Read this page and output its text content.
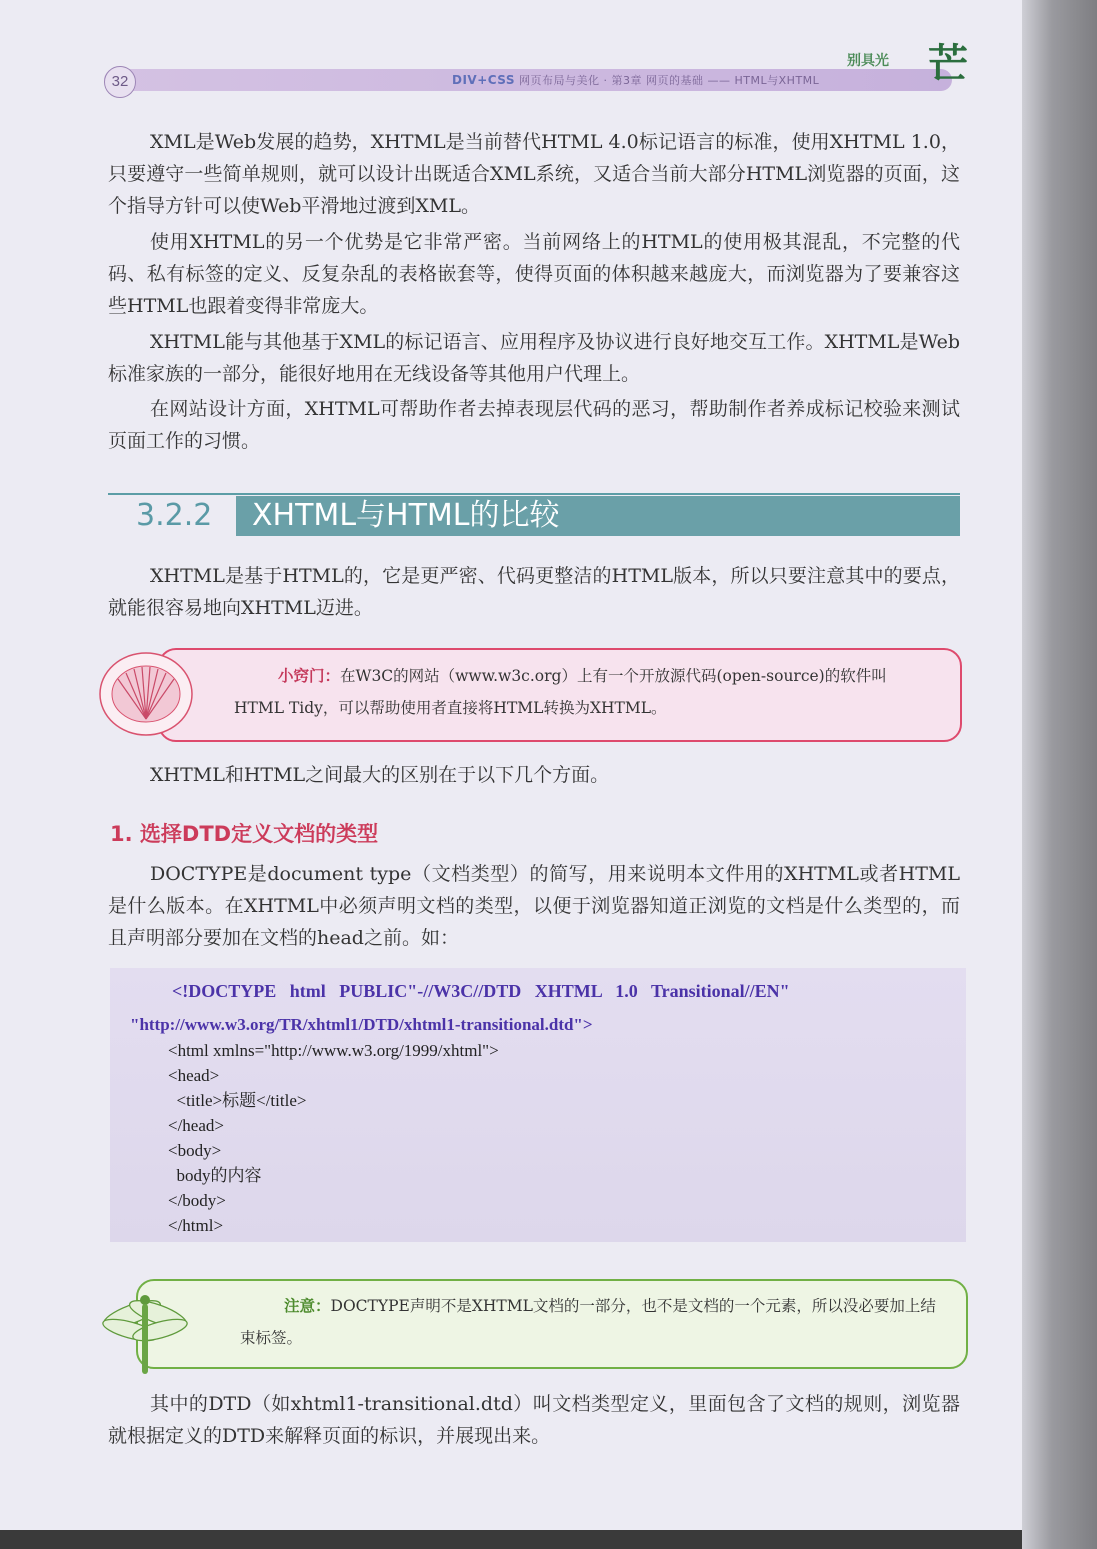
32	DIV+CSS 网页布局与美化 · 第3章 网页的基础 —— HTML与XHTML
别具光 芒

XML是Web发展的趋势，XHTML是当前替代HTML 4.0标记语言的标准，使用XHTML 1.0，只要遵守一些简单规则，就可以设计出既适合XML系统，又适合当前大部分HTML浏览器的页面，这个指导方针可以使Web平滑地过渡到XML。

使用XHTML的另一个优势是它非常严密。当前网络上的HTML的使用极其混乱，不完整的代码、私有标签的定义、反复杂乱的表格嵌套等，使得页面的体积越来越庞大，而浏览器为了要兼容这些HTML也跟着变得非常庞大。

XHTML能与其他基于XML的标记语言、应用程序及协议进行良好地交互工作。XHTML是Web标准家族的一部分，能很好地用在无线设备等其他用户代理上。

在网站设计方面，XHTML可帮助作者去掉表现层代码的恶习，帮助制作者养成标记校验来测试页面工作的习惯。

3.2.2 XHTML与HTML的比较

XHTML是基于HTML的，它是更严密、代码更整洁的HTML版本，所以只要注意其中的要点，就能很容易地向XHTML迈进。

小窍门：在W3C的网站（www.w3c.org）上有一个开放源代码(open-source)的软件叫HTML Tidy，可以帮助使用者直接将HTML转换为XHTML。

XHTML和HTML之间最大的区别在于以下几个方面。

1. 选择DTD定义文档的类型

DOCTYPE是document type（文档类型）的简写，用来说明本文件用的XHTML或者HTML是什么版本。在XHTML中必须声明文档的类型，以便于浏览器知道正浏览的文档是什么类型的，而且声明部分要加在文档的head之前。如：

<!DOCTYPE   html   PUBLIC"-//W3C//DTD   XHTML   1.0   Transitional//EN"
"http://www.w3.org/TR/xhtml1/DTD/xhtml1-transitional.dtd">
<html xmlns="http://www.w3.org/1999/xhtml">
<head>
<title>标题</title>
</head>
<body>
body的内容
</body>
</html>

注意：DOCTYPE声明不是XHTML文档的一部分，也不是文档的一个元素，所以没必要加上结束标签。

其中的DTD（如xhtml1-transitional.dtd）叫文档类型定义，里面包含了文档的规则，浏览器就根据定义的DTD来解释页面的标识，并展现出来。
